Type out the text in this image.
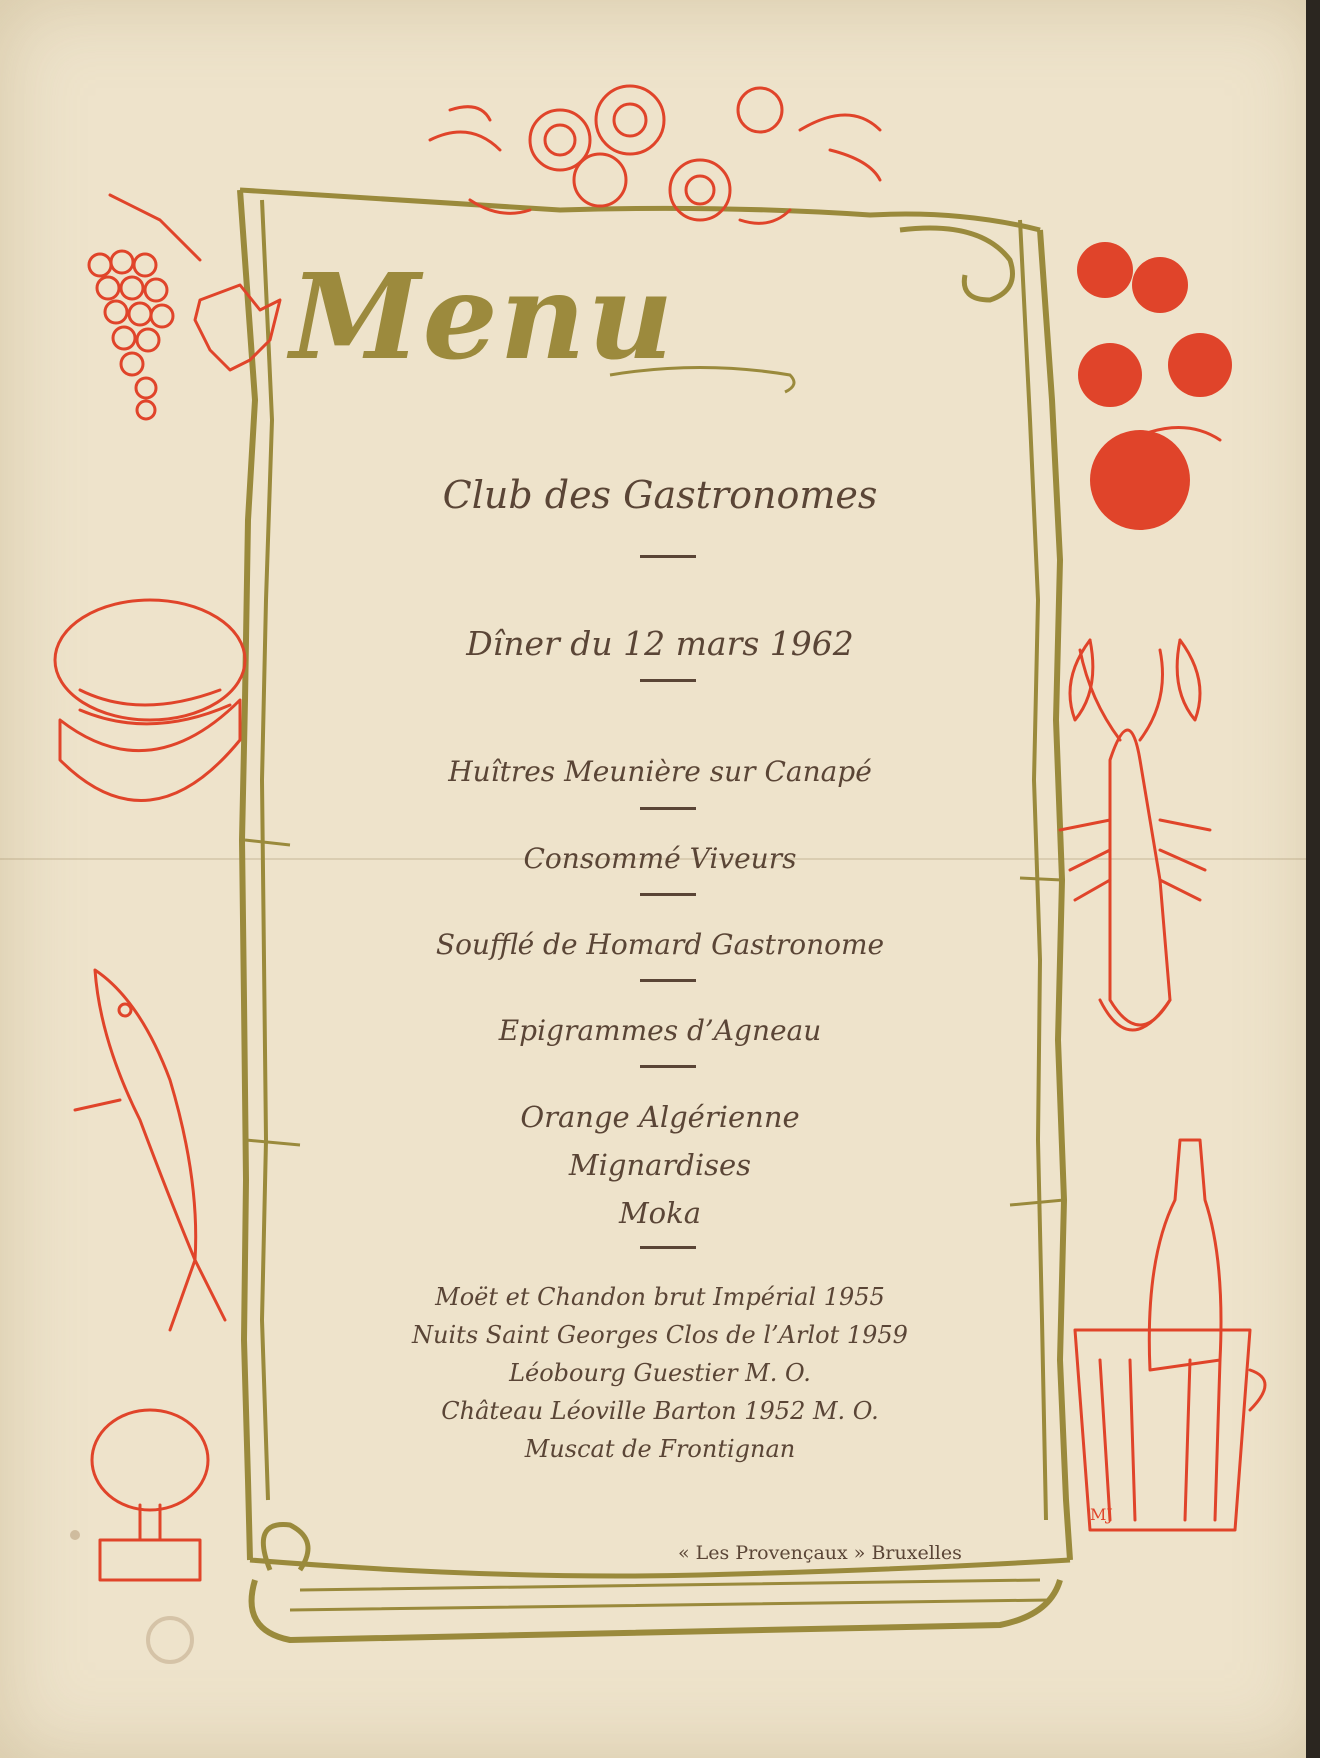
MJ
Menu
Club des Gastronomes
Dîner du 12 mars 1962
Huîtres Meunière sur Canapé
Consommé Viveurs
Soufflé de Homard Gastronome
Epigrammes d’Agneau
Orange Algérienne
Mignardises
Moka
Moët et Chandon brut Impérial 1955
Nuits Saint Georges Clos de l’Arlot 1959
Léobourg Guestier M. O.
Château Léoville Barton 1952 M. O.
Muscat de Frontignan
« Les Provençaux » Bruxelles
